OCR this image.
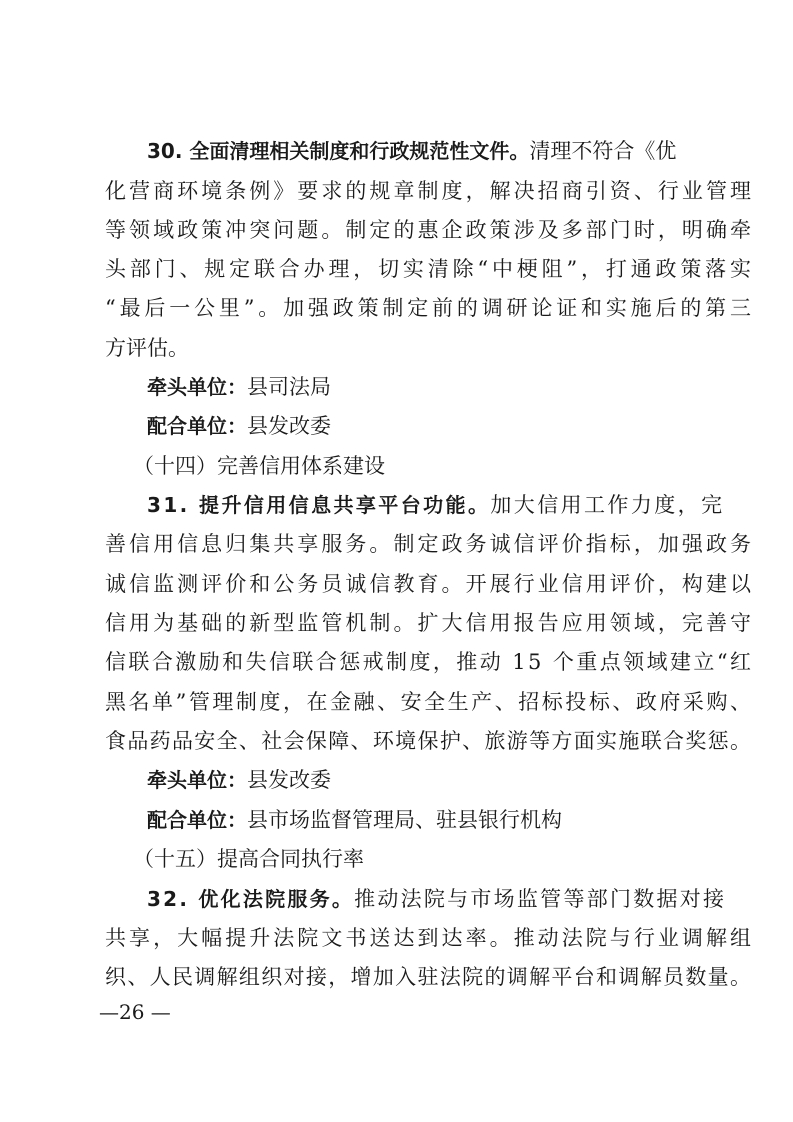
30. 全面清理相关制度和行政规范性文件。清理不符合《优
化营商环境条例》要求的规章制度，解决招商引资、行业管理
等领域政策冲突问题。制定的惠企政策涉及多部门时，明确牵
头部门、规定联合办理，切实清除“中梗阻”，打通政策落实
“最后一公里”。加强政策制定前的调研论证和实施后的第三
方评估。
牵头单位：县司法局
配合单位：县发改委
（十四）完善信用体系建设
31. 提升信用信息共享平台功能。加大信用工作力度，完
善信用信息归集共享服务。制定政务诚信评价指标，加强政务
诚信监测评价和公务员诚信教育。开展行业信用评价，构建以
信用为基础的新型监管机制。扩大信用报告应用领域，完善守
信联合激励和失信联合惩戒制度，推动 15 个重点领域建立“红
黑名单”管理制度，在金融、安全生产、招标投标、政府采购、
食品药品安全、社会保障、环境保护、旅游等方面实施联合奖惩。
牵头单位：县发改委
配合单位：县市场监督管理局、驻县银行机构
（十五）提高合同执行率
32. 优化法院服务。推动法院与市场监管等部门数据对接
共享，大幅提升法院文书送达到达率。推动法院与行业调解组
织、人民调解组织对接，增加入驻法院的调解平台和调解员数量。
—26 —
